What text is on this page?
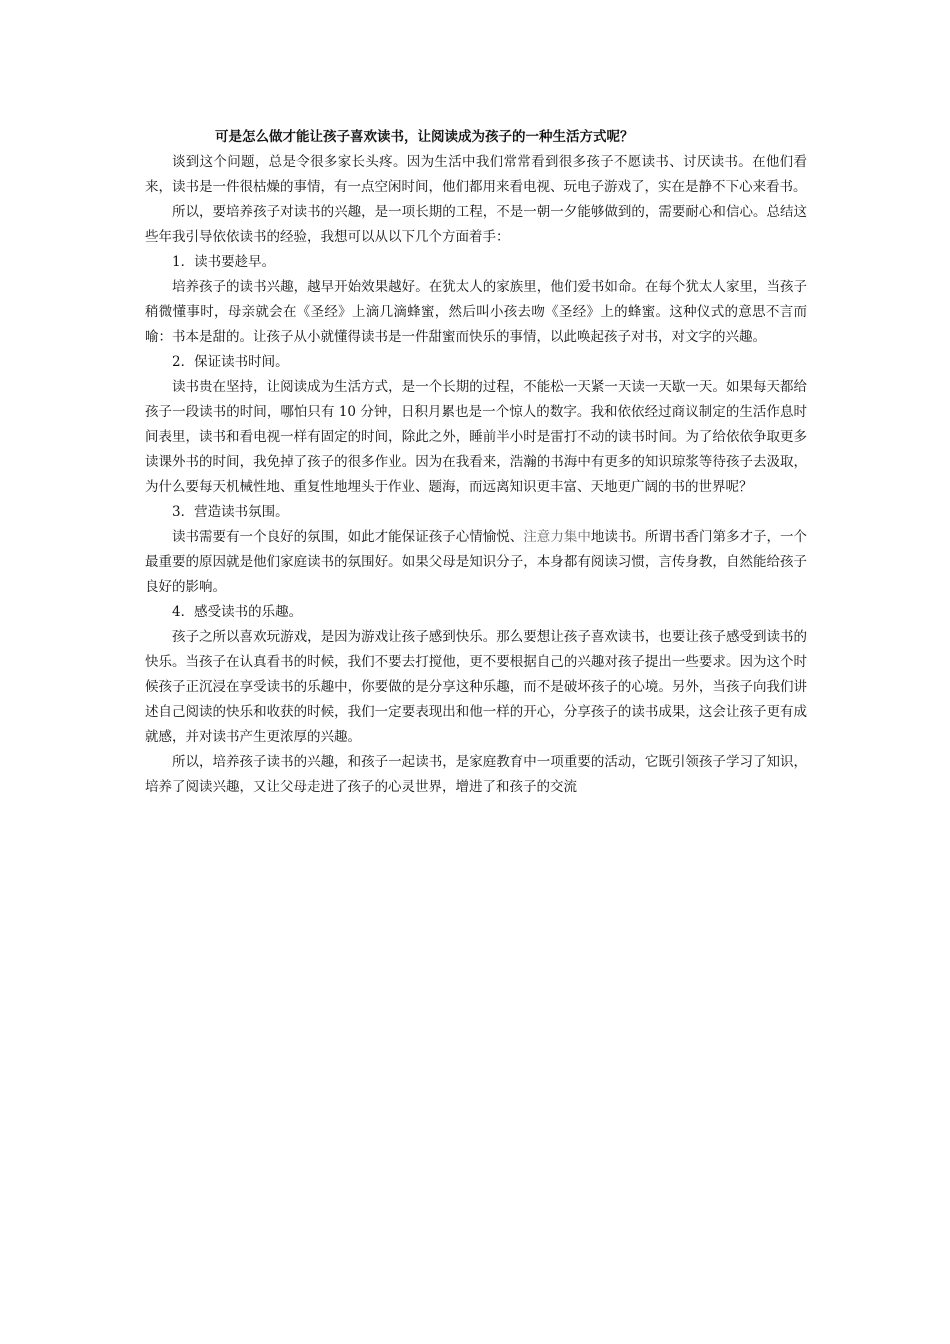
可是怎么做才能让孩子喜欢读书，让阅读成为孩子的一种生活方式呢？

谈到这个问题，总是令很多家长头疼。因为生活中我们常常看到很多孩子不愿读书、讨厌读书。在他们看来，读书是一件很枯燥的事情，有一点空闲时间，他们都用来看电视、玩电子游戏了，实在是静不下心来看书。

所以，要培养孩子对读书的兴趣，是一项长期的工程，不是一朝一夕能够做到的，需要耐心和信心。总结这些年我引导依依读书的经验，我想可以从以下几个方面着手：

1．读书要趁早。

培养孩子的读书兴趣，越早开始效果越好。在犹太人的家族里，他们爱书如命。在每个犹太人家里，当孩子稍微懂事时，母亲就会在《圣经》上滴几滴蜂蜜，然后叫小孩去吻《圣经》上的蜂蜜。这种仪式的意思不言而喻：书本是甜的。让孩子从小就懂得读书是一件甜蜜而快乐的事情，以此唤起孩子对书，对文字的兴趣。

2．保证读书时间。

读书贵在坚持，让阅读成为生活方式，是一个长期的过程，不能松一天紧一天读一天歇一天。如果每天都给孩子一段读书的时间，哪怕只有 10 分钟，日积月累也是一个惊人的数字。我和依依经过商议制定的生活作息时间表里，读书和看电视一样有固定的时间，除此之外，睡前半小时是雷打不动的读书时间。为了给依依争取更多读课外书的时间，我免掉了孩子的很多作业。因为在我看来，浩瀚的书海中有更多的知识琼浆等待孩子去汲取，为什么要每天机械性地、重复性地埋头于作业、题海，而远离知识更丰富、天地更广阔的书的世界呢？

3．营造读书氛围。

读书需要有一个良好的氛围，如此才能保证孩子心情愉悦、注意力集中地读书。所谓书香门第多才子，一个最重要的原因就是他们家庭读书的氛围好。如果父母是知识分子，本身都有阅读习惯，言传身教，自然能给孩子良好的影响。

4．感受读书的乐趣。

孩子之所以喜欢玩游戏，是因为游戏让孩子感到快乐。那么要想让孩子喜欢读书，也要让孩子感受到读书的快乐。当孩子在认真看书的时候，我们不要去打搅他，更不要根据自己的兴趣对孩子提出一些要求。因为这个时候孩子正沉浸在享受读书的乐趣中，你要做的是分享这种乐趣，而不是破坏孩子的心境。另外，当孩子向我们讲述自己阅读的快乐和收获的时候，我们一定要表现出和他一样的开心，分享孩子的读书成果，这会让孩子更有成就感，并对读书产生更浓厚的兴趣。

所以，培养孩子读书的兴趣，和孩子一起读书，是家庭教育中一项重要的活动，它既引领孩子学习了知识，培养了阅读兴趣，又让父母走进了孩子的心灵世界，增进了和孩子的交流
